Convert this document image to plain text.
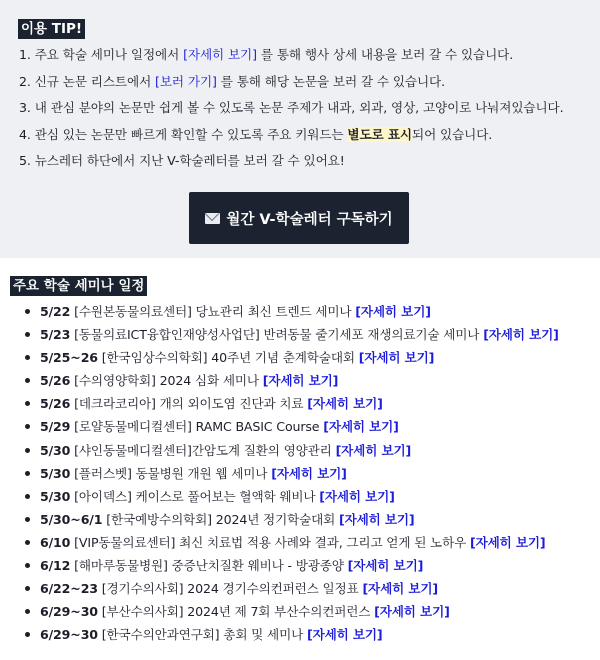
이용 TIP!
1. 주요 학술 세미나 일정에서 [자세히 보기] 를 통해 행사 상세 내용을 보러 갈 수 있습니다.
2. 신규 논문 리스트에서 [보러 가기] 를 통해 해당 논문을 보러 갈 수 있습니다.
3. 내 관심 분야의 논문만 쉽게 볼 수 있도록 논문 주제가 내과, 외과, 영상, 고양이로 나눠져있습니다.
4. 관심 있는 논문만 빠르게 확인할 수 있도록 주요 키워드는 별도로 표시되어 있습니다.
5. 뉴스레터 하단에서 지난 V-학술레터를 보러 갈 수 있어요!
월간 V-학술레터 구독하기
주요 학술 세미나 일정
5/22 [수원본동물의료센터] 당뇨관리 최신 트렌드 세미나 [자세히 보기]
5/23 [동물의료ICT융합인재양성사업단] 반려동물 줄기세포 재생의료기술 세미나 [자세히 보기]
5/25~26 [한국임상수의학회] 40주년 기념 춘계학술대회 [자세히 보기]
5/26 [수의영양학회] 2024 심화 세미나 [자세히 보기]
5/26 [데크라코리아] 개의 외이도염 진단과 치료 [자세히 보기]
5/29 [로얄동물메디컬센터] RAMC BASIC Course [자세히 보기]
5/30 [샤인동물메디컬센터]간암도계 질환의 영양관리 [자세히 보기]
5/30 [플러스벳] 동물병원 개원 웹 세미나 [자세히 보기]
5/30 [아이덱스] 케이스로 풀어보는 혈액학 웨비나 [자세히 보기]
5/30~6/1 [한국예방수의학회] 2024년 정기학술대회 [자세히 보기]
6/10 [VIP동물의료센터] 최신 치료법 적용 사례와 결과, 그리고 얻게 된 노하우 [자세히 보기]
6/12 [해마루동물병원] 중증난치질환 웨비나 - 방광종양 [자세히 보기]
6/22~23 [경기수의사회] 2024 경기수의컨퍼런스 일정표 [자세히 보기]
6/29~30 [부산수의사회] 2024년 제 7회 부산수의컨퍼런스 [자세히 보기]
6/29~30 [한국수의안과연구회] 총회 및 세미나 [자세히 보기]
